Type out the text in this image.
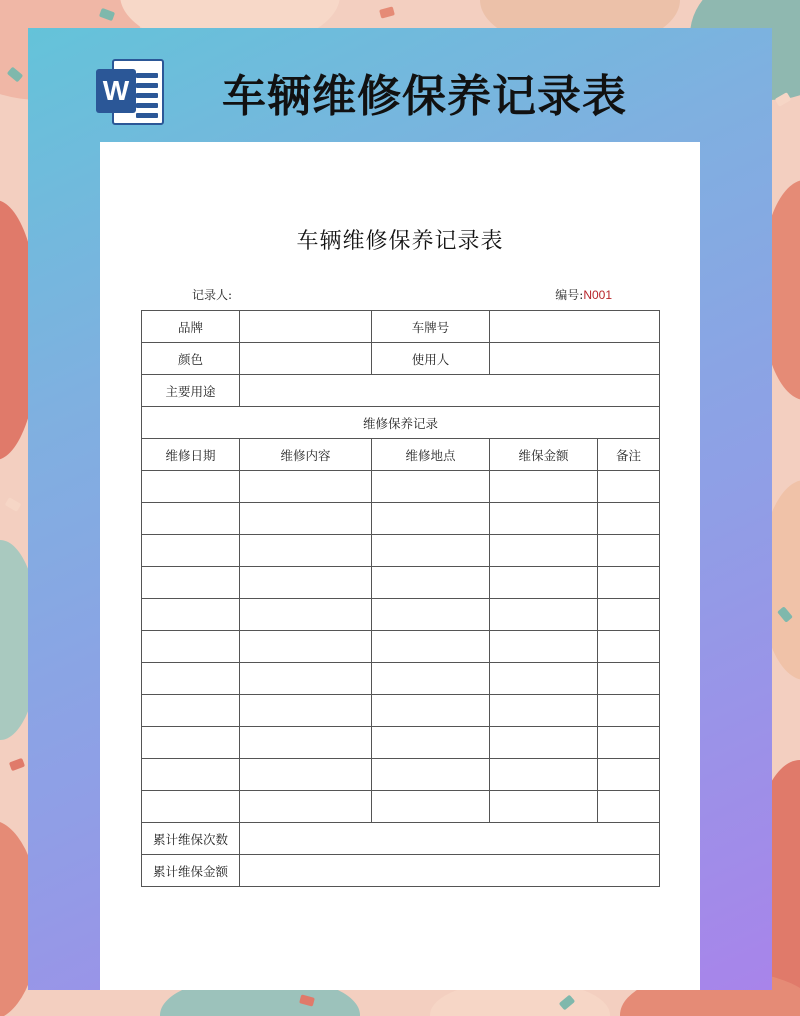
W 车辆维修保养记录表
车辆维修保养记录表
记录人:	编号:N001
品牌		车牌号		
颜色		使用人		
主要用途				
维修保养记录				
维修日期	维修内容	维修地点	维保金额	备注

累计维保次数				
累计维保金额				
